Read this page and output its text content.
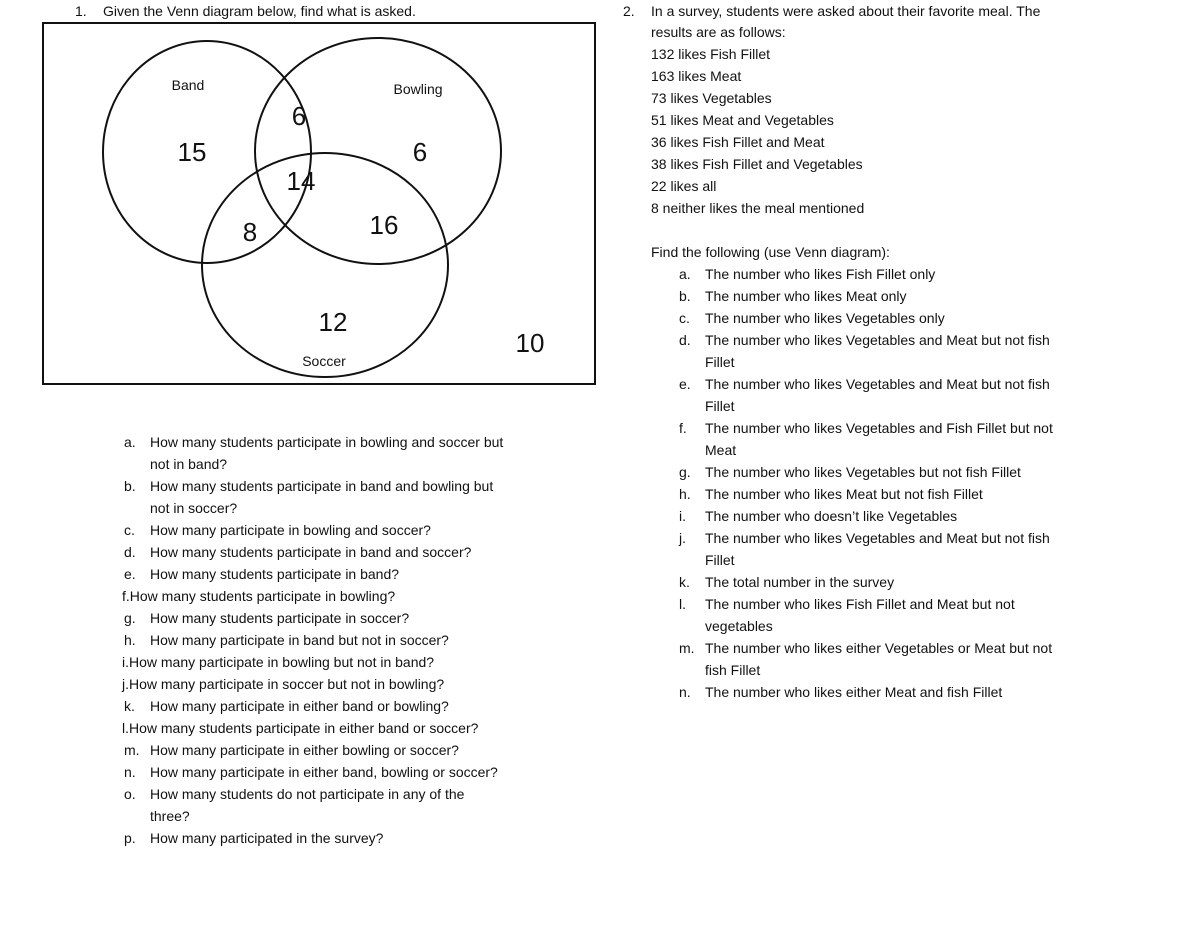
1. Given the Venn diagram below, find what is asked.
Band	Bowling
Soccer
15
6
6
14
8	16
12
10
a. How many students participate in bowling and soccer but
not in band?
b. How many students participate in band and bowling but
not in soccer?
c. How many participate in bowling and soccer?
d. How many students participate in band and soccer?
e. How many students participate in band?
f.How many students participate in bowling?
g. How many students participate in soccer?
h. How many participate in band but not in soccer?
i.How many participate in bowling but not in band?
j.How many participate in soccer but not in bowling?
k. How many participate in either band or bowling?
l.How many students participate in either band or soccer?
m. How many participate in either bowling or soccer?
n. How many participate in either band, bowling or soccer?
o. How many students do not participate in any of the
three?
p. How many participated in the survey?
2. In a survey, students were asked about their favorite meal. The
results are as follows:
132 likes Fish Fillet
163 likes Meat
73 likes Vegetables
51 likes Meat and Vegetables
36 likes Fish Fillet and Meat
38 likes Fish Fillet and Vegetables
22 likes all
8 neither likes the meal mentioned
Find the following (use Venn diagram):
a. The number who likes Fish Fillet only
b. The number who likes Meat only
c. The number who likes Vegetables only
d. The number who likes Vegetables and Meat but not fish
Fillet
e. The number who likes Vegetables and Meat but not fish
Fillet
f. The number who likes Vegetables and Fish Fillet but not
Meat
g. The number who likes Vegetables but not fish Fillet
h. The number who likes Meat but not fish Fillet
i. The number who doesn’t like Vegetables
j. The number who likes Vegetables and Meat but not fish
Fillet
k. The total number in the survey
l. The number who likes Fish Fillet and Meat but not
vegetables
m. The number who likes either Vegetables or Meat but not
fish Fillet
n. The number who likes either Meat and fish Fillet
